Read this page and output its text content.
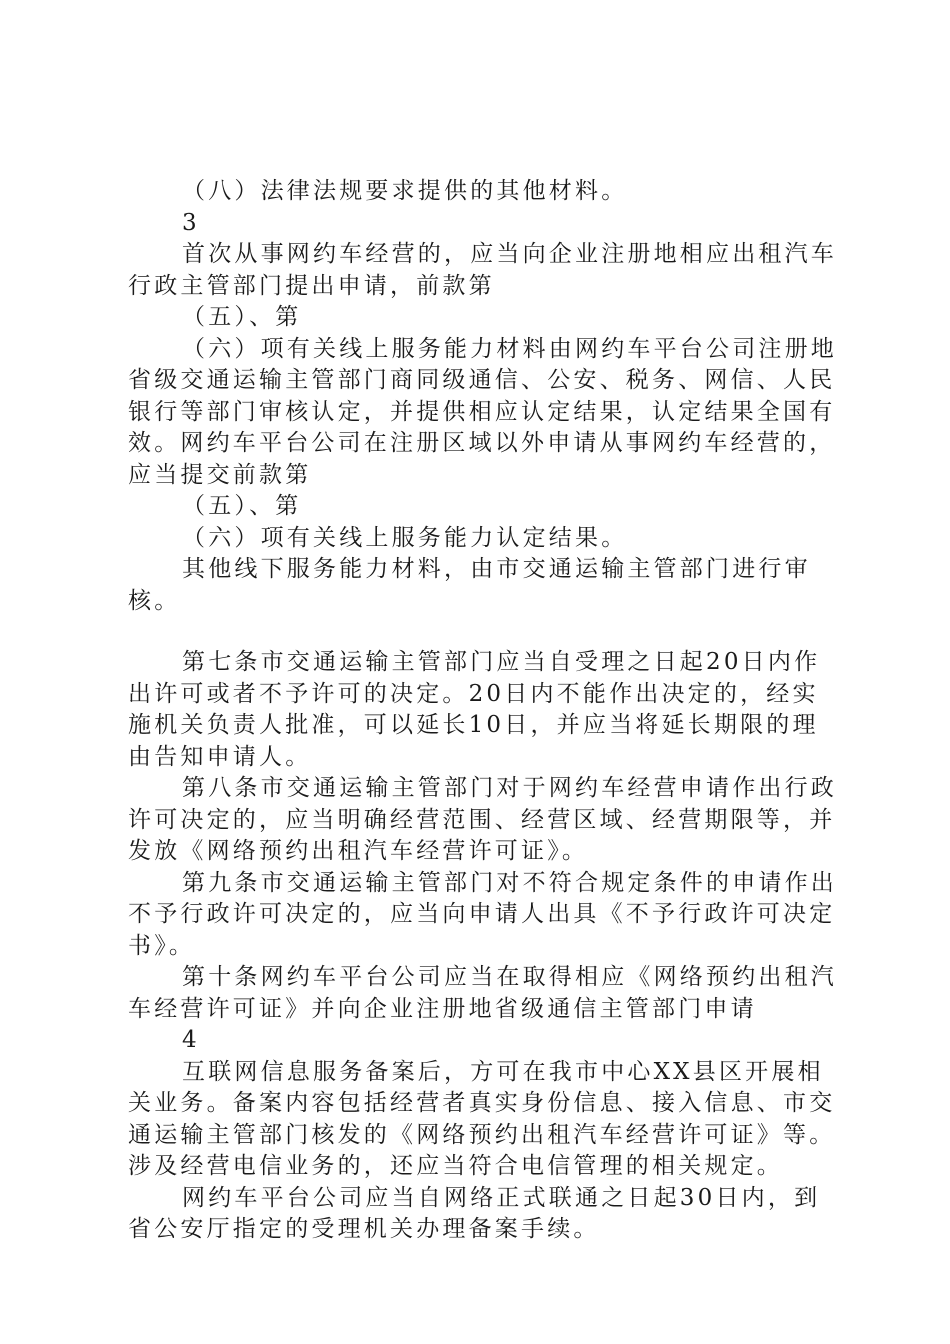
（八）法律法规要求提供的其他材料。

3

首次从事网约车经营的，应当向企业注册地相应出租汽车行政主管部门提出申请，前款第

（五）、第

（六）项有关线上服务能力材料由网约车平台公司注册地省级交通运输主管部门商同级通信、公安、税务、网信、人民银行等部门审核认定，并提供相应认定结果，认定结果全国有效。网约车平台公司在注册区域以外申请从事网约车经营的，应当提交前款第

（五）、第

（六）项有关线上服务能力认定结果。

其他线下服务能力材料，由市交通运输主管部门进行审核。

第七条市交通运输主管部门应当自受理之日起20日内作出许可或者不予许可的决定。20日内不能作出决定的，经实施机关负责人批准，可以延长10日，并应当将延长期限的理由告知申请人。

第八条市交通运输主管部门对于网约车经营申请作出行政许可决定的，应当明确经营范围、经营区域、经营期限等，并发放《网络预约出租汽车经营许可证》。

第九条市交通运输主管部门对不符合规定条件的申请作出不予行政许可决定的，应当向申请人出具《不予行政许可决定书》。

第十条网约车平台公司应当在取得相应《网络预约出租汽车经营许可证》并向企业注册地省级通信主管部门申请

4

互联网信息服务备案后，方可在我市中心XX县区开展相关业务。备案内容包括经营者真实身份信息、接入信息、市交通运输主管部门核发的《网络预约出租汽车经营许可证》等。涉及经营电信业务的，还应当符合电信管理的相关规定。

网约车平台公司应当自网络正式联通之日起30日内，到省公安厅指定的受理机关办理备案手续。
